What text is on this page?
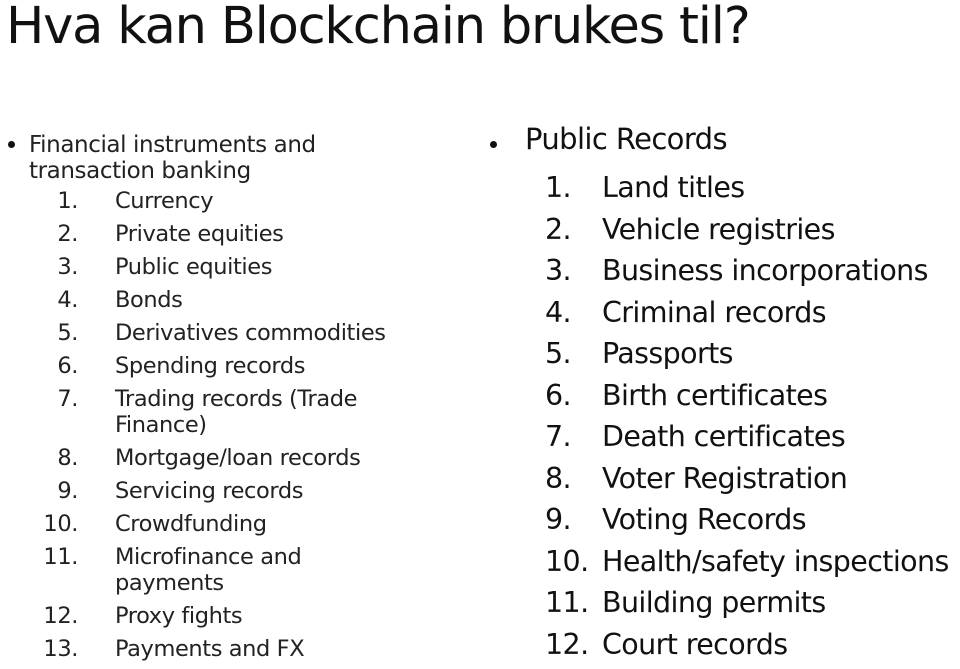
Hva kan Blockchain brukes til?
Financial instruments and transaction banking
1. Currency
2. Private equities
3. Public equities
4. Bonds
5. Derivatives commodities
6. Spending records
7. Trading records (Trade Finance)
8. Mortgage/loan records
9. Servicing records
10. Crowdfunding
11. Microfinance and payments
12. Proxy fights
13. Payments and FX
Public Records
1.	Land titles
2.	Vehicle registries
3.	Business incorporations
4.	Criminal records
5.	Passports
6.	Birth certificates
7.	Death certificates
8.	Voter Registration
9.	Voting Records
10. Health/safety inspections
11. Building permits
12. Court records
